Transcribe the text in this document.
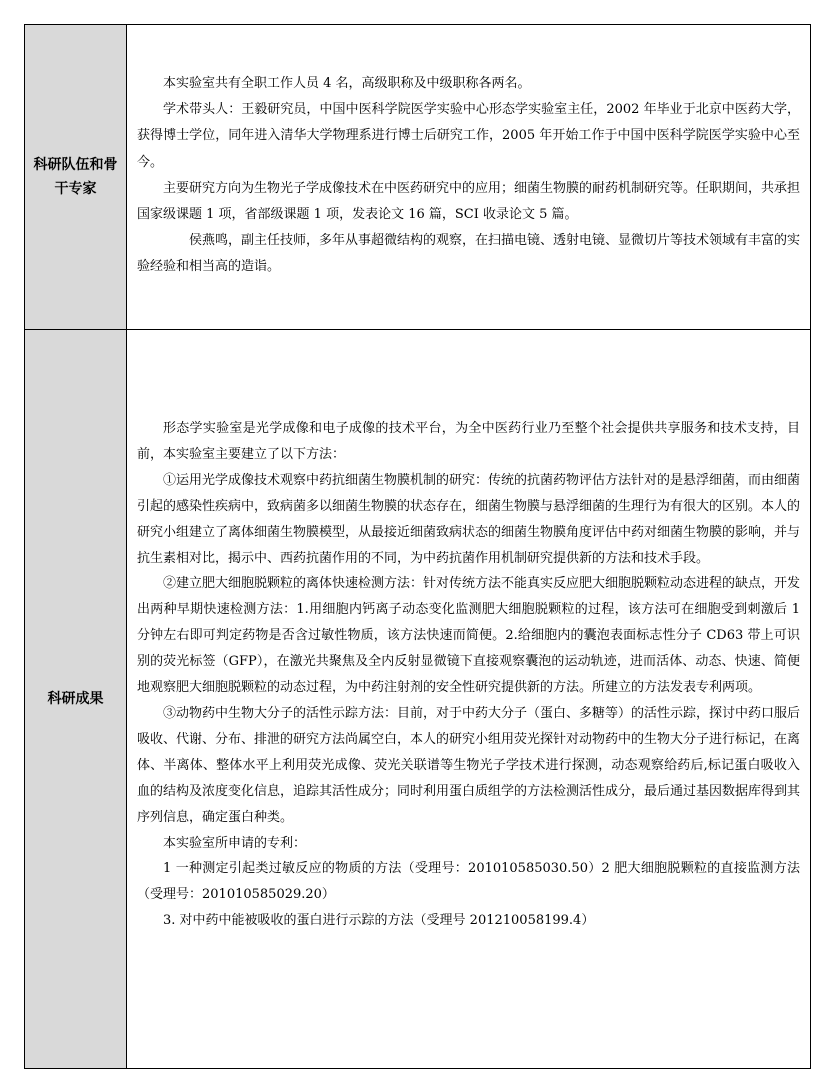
科研队伍和骨干专家

本实验室共有全职工作人员 4 名，高级职称及中级职称各两名。

学术带头人：王毅研究员，中国中医科学院医学实验中心形态学实验室主任，2002 年毕业于北京中医药大学，获得博士学位，同年进入清华大学物理系进行博士后研究工作，2005 年开始工作于中国中医科学院医学实验中心至今。

主要研究方向为生物光子学成像技术在中医药研究中的应用；细菌生物膜的耐药机制研究等。任职期间，共承担国家级课题 1 项，省部级课题 1 项，发表论文 16 篇，SCI 收录论文 5 篇。

侯燕鸣，副主任技师，多年从事超微结构的观察，在扫描电镜、透射电镜、显微切片等技术领域有丰富的实验经验和相当高的造诣。

科研成果

形态学实验室是光学成像和电子成像的技术平台，为全中医药行业乃至整个社会提供共享服务和技术支持，目前，本实验室主要建立了以下方法：

①运用光学成像技术观察中药抗细菌生物膜机制的研究：传统的抗菌药物评估方法针对的是悬浮细菌，而由细菌引起的感染性疾病中，致病菌多以细菌生物膜的状态存在，细菌生物膜与悬浮细菌的生理行为有很大的区别。本人的研究小组建立了离体细菌生物膜模型，从最接近细菌致病状态的细菌生物膜角度评估中药对细菌生物膜的影响，并与抗生素相对比，揭示中、西药抗菌作用的不同，为中药抗菌作用机制研究提供新的方法和技术手段。

②建立肥大细胞脱颗粒的离体快速检测方法：针对传统方法不能真实反应肥大细胞脱颗粒动态进程的缺点，开发出两种早期快速检测方法：1.用细胞内钙离子动态变化监测肥大细胞脱颗粒的过程，该方法可在细胞受到刺激后 1 分钟左右即可判定药物是否含过敏性物质，该方法快速而简便。2.给细胞内的囊泡表面标志性分子 CD63 带上可识别的荧光标签（GFP），在激光共聚焦及全内反射显微镜下直接观察囊泡的运动轨迹，进而活体、动态、快速、简便地观察肥大细胞脱颗粒的动态过程，为中药注射剂的安全性研究提供新的方法。所建立的方法发表专利两项。

③动物药中生物大分子的活性示踪方法：目前，对于中药大分子（蛋白、多糖等）的活性示踪，探讨中药口服后吸收、代谢、分布、排泄的研究方法尚属空白，本人的研究小组用荧光探针对动物药中的生物大分子进行标记，在离体、半离体、整体水平上利用荧光成像、荧光关联谱等生物光子学技术进行探测，动态观察给药后,标记蛋白吸收入血的结构及浓度变化信息，追踪其活性成分；同时利用蛋白质组学的方法检测活性成分，最后通过基因数据库得到其序列信息，确定蛋白种类。

本实验室所申请的专利：

1 一种测定引起类过敏反应的物质的方法（受理号：201010585030.50）2 肥大细胞脱颗粒的直接监测方法（受理号：201010585029.20）

3. 对中药中能被吸收的蛋白进行示踪的方法（受理号 201210058199.4）
